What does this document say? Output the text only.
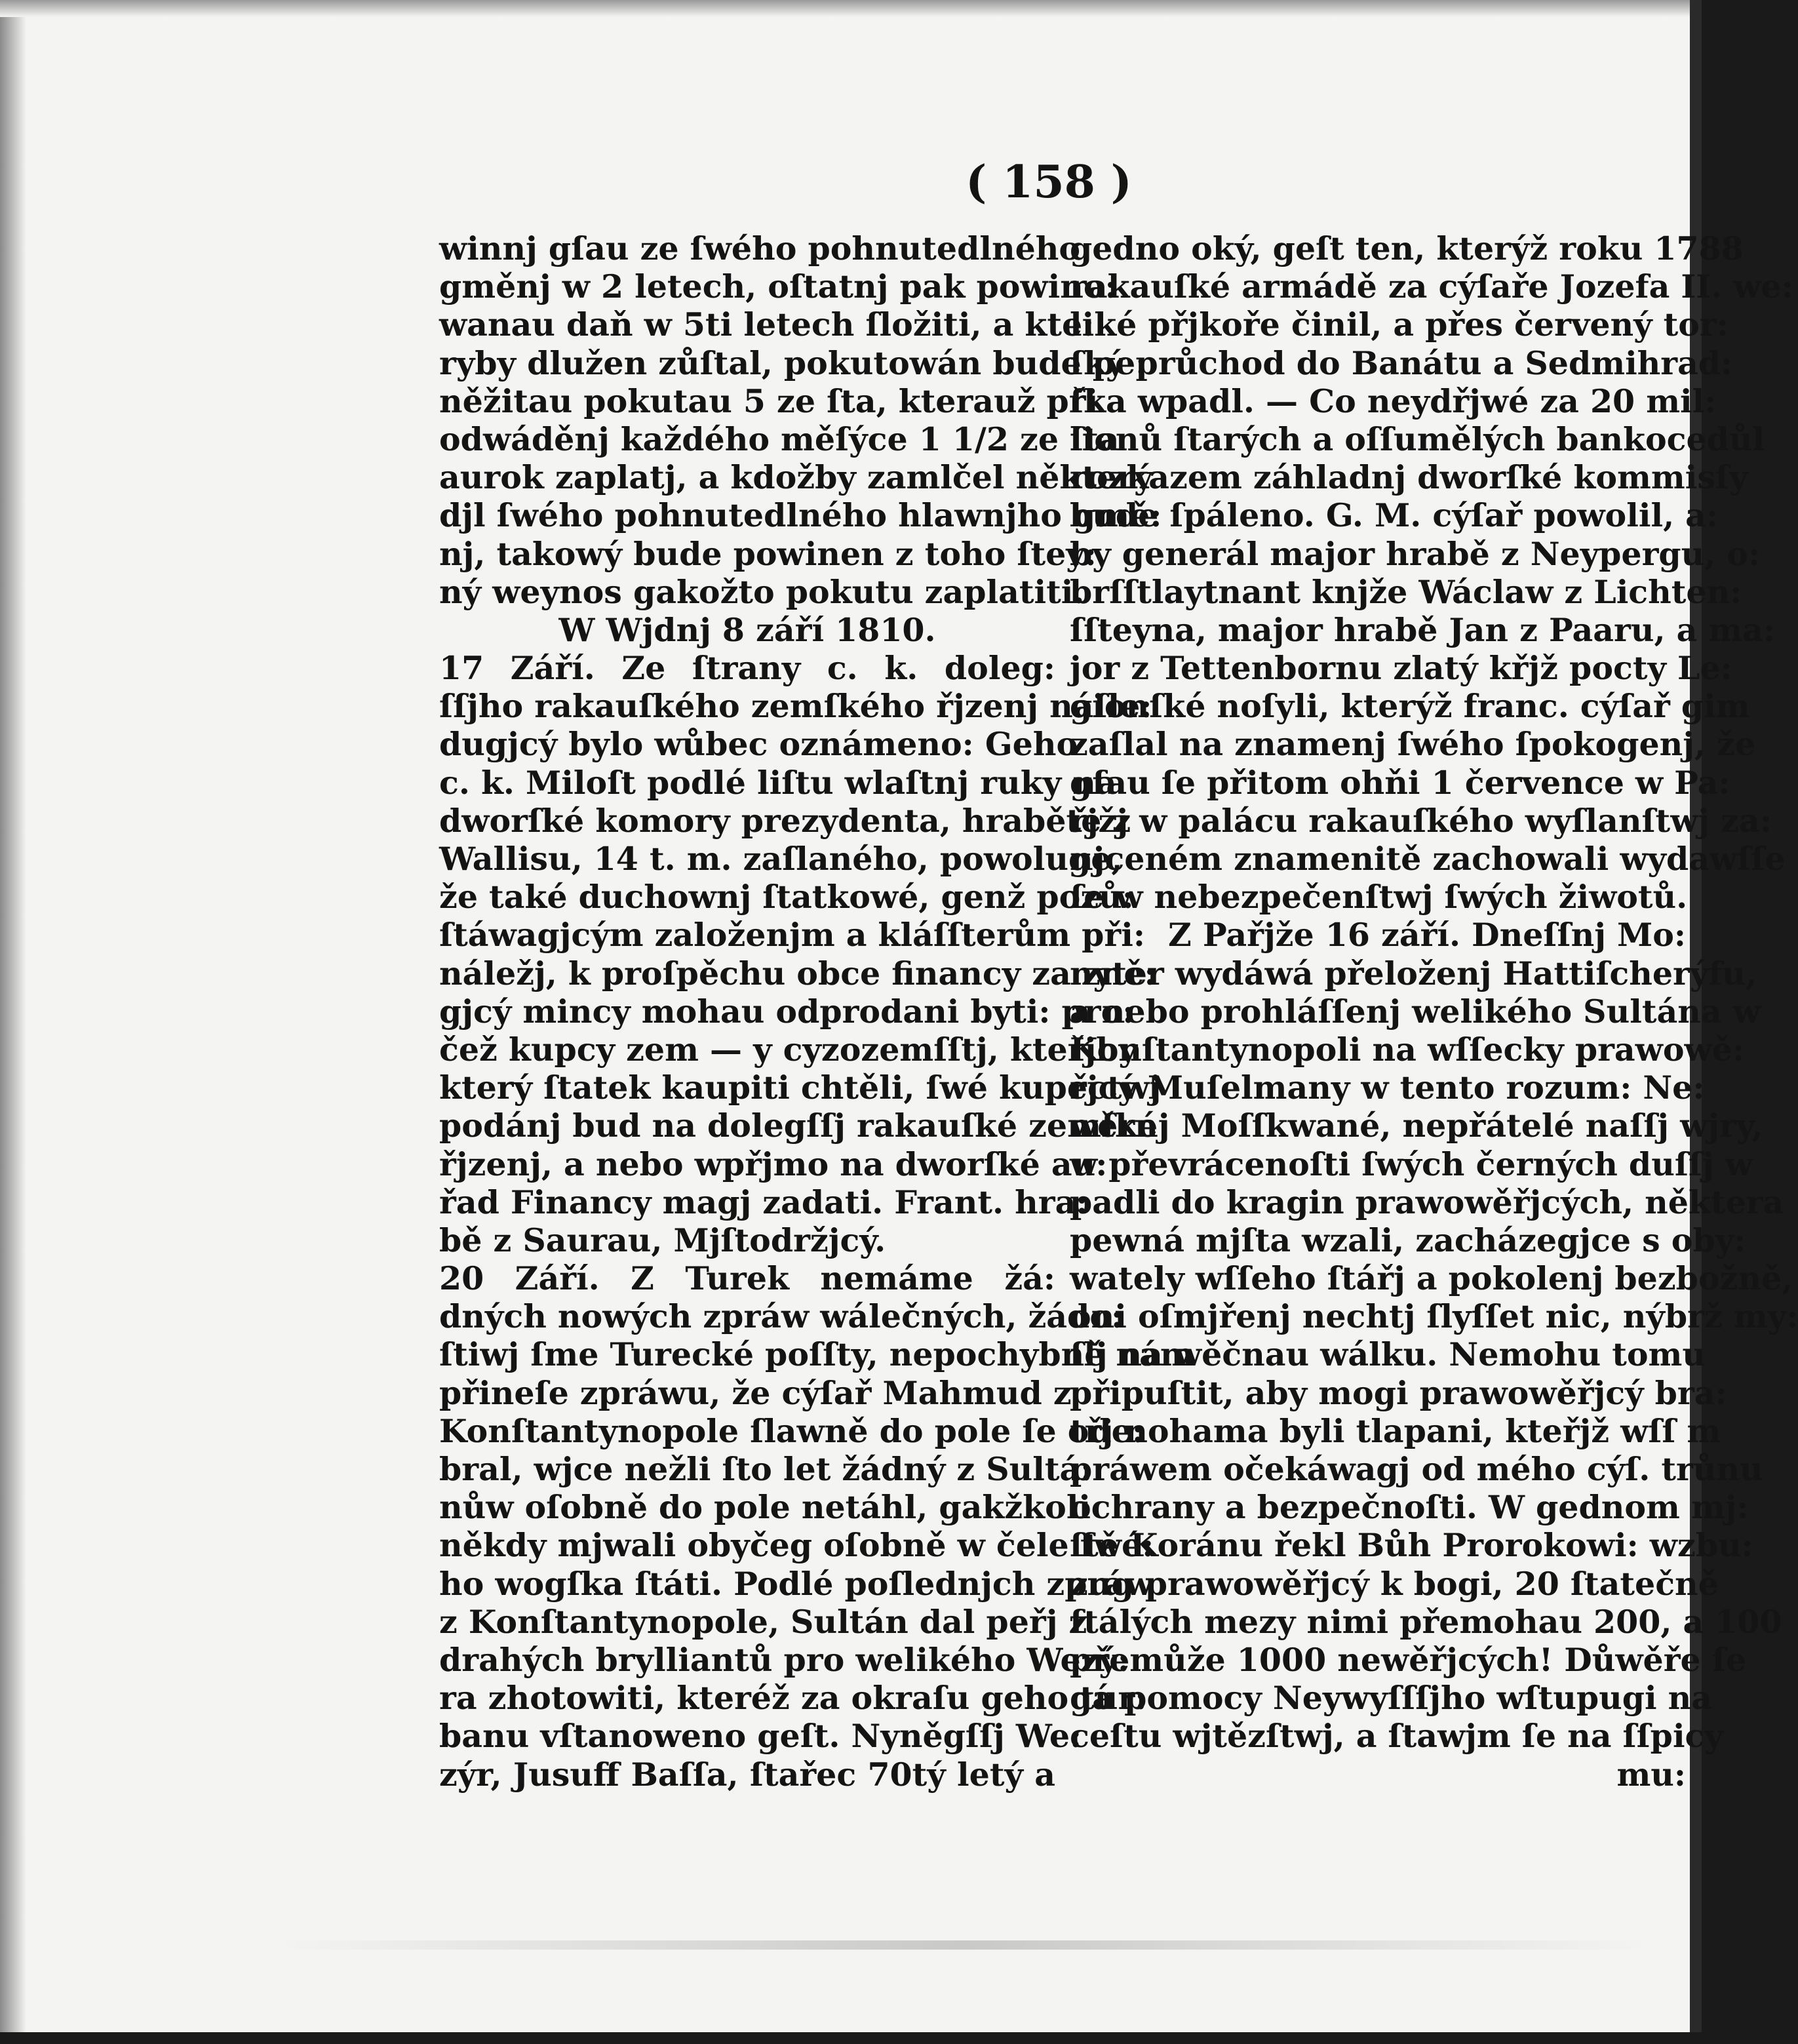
( 158 )
winnj gſau ze ſwého pohnutedlného
gměnj w 2 letech, oſtatnj pak powino:
wanau daň w 5ti letech ſložiti, a kte:
ryby dlužen zůſtal, pokutowán bude pe:
něžitau pokutau 5 ze ſta, kterauž při
odwáděnj každého měſýce 1 1/2 ze ſta
aurok zaplatj, a kdožby zamlčel některý
djl ſwého pohnutedlného hlawnjho gmě:
nj, takowý bude powinen z toho ſtey:
ný weynos gakožto pokutu zaplatiti.
W Wjdnj 8 září 1810.
17 Září. Ze ſtrany c. k. doleg:
ſſjho rakauſkého zemſkého řjzenj náſle:
dugjcý bylo wůbec oznámeno: Geho
c. k. Miloſt podlé liſtu wlaſtnj ruky na
dworſké komory prezydenta, hraběte z
Wallisu, 14 t. m. zaſlaného, powoluge,
že také duchownj ſtatkowé, genž pozů:
ſtáwagjcým založenjm a kláſſterům při:
náležj, k proſpěchu obce financy za zně:
gjcý mincy mohau odprodani byti: pro:
čež kupcy zem — y cyzozemſſtj, kteřjby
který ſtatek kaupiti chtěli, ſwé kupectwj
podánj bud na dolegſſj rakauſké zemſké
řjzenj, a nebo wpřjmo na dworſké au:
řad Financy magj zadati. Frant. hra:
bě z Saurau, Mjſtodržjcý.
20 Září. Z Turek nemáme žá:
dných nowých zpráw wálečných, žádo:
ſtiwj ſme Turecké poſſty, nepochybně nám
přineſe zpráwu, že cýſař Mahmud z
Konſtantynopole ſlawně do pole ſe ode:
bral, wjce nežli ſto let žádný z Sultá:
nůw oſobně do pole netáhl, gakžkoli
někdy mjwali obyčeg oſobně w čele ſwé:
ho wogſka ſtáti. Podlé poſlednjch zpráw
z Konſtantynopole, Sultán dal peřj z
drahých brylliantů pro welikého Wezý:
ra zhotowiti, kteréž za okraſu geho tur:
banu vſtanoweno geſt. Nyněgſſj We:
zýr, Jusuff Baſſa, ſtařec 70tý letý a
gedno oký, geſt ten, kterýž roku 1788
rakauſké armádě za cýſaře Jozefa II. we:
liké přjkoře činil, a přes červený tor:
ſký průchod do Banátu a Sedmihrad:
ſka wpadl. — Co neydřjwé za 20 mil:
lionů ſtarých a oſſumělých bankocedůl
rozkazem záhladnj dworſké kommisſy
bude ſpáleno. G. M. cýſař powolil, a:
by generál major hrabě z Neypergu, o:
brſſtlaytnant knjže Wáclaw z Lichten:
ſſteyna, major hrabě Jan z Paaru, a ma:
jor z Tettenbornu zlatý křjž pocty Le:
gionſké noſyli, kterýž franc. cýſař gim
zaſlal na znamenj ſwého ſpokogenj, že
gſau ſe přitom ohňi 1 července w Pa:
řjžj w palácu rakauſkého wyſlanſtwj za:
njceném znamenitě zachowali wydawſſe
ſe w nebezpečenſtwj ſwých žiwotů.
Z Pařjže 16 září. Dneſſnj Mo:
nyter wydáwá přeloženj Hattiſcherýfu,
a nebo prohláſſenj welikého Sultána w
Konſtantynopoli na wſſecky prawowě:
řjcý Muſelmany w tento rozum: Ne:
wěrnj Moſſkwané, nepřátelé naſſj wjry,
w převrácenoſti ſwých černých duſſj w
padli do kragin prawowěřjcých, některa
pewná mjſta wzali, zacházegjce s oby:
wately wſſeho ſtářj a pokolenj bezbožně,
oni oſmjřenj nechtj ſlyſſet nic, nýbrž my:
ſlj na wěčnau wálku. Nemohu tomu
připuſtit, aby mogi prawowěřjcý bra:
třj nohama byli tlapani, kteřjž wſſ m
práwem očekáwagj od mého cýſ. trůnu
ochrany a bezpečnoſti. W gednom mj:
ſtě Koránu řekl Bůh Prorokowi: wzbu:
zug prawowěřjcý k bogi, 20 ſtatečně
ſtálých mezy nimi přemohau 200, a 100
přemůže 1000 newěřjcých! Důwěře ſe
gá pomocy Neywyſſſjho wſtupugi na
ceſtu wjtězſtwj, a ſtawjm ſe na ſſpicy
mu:
